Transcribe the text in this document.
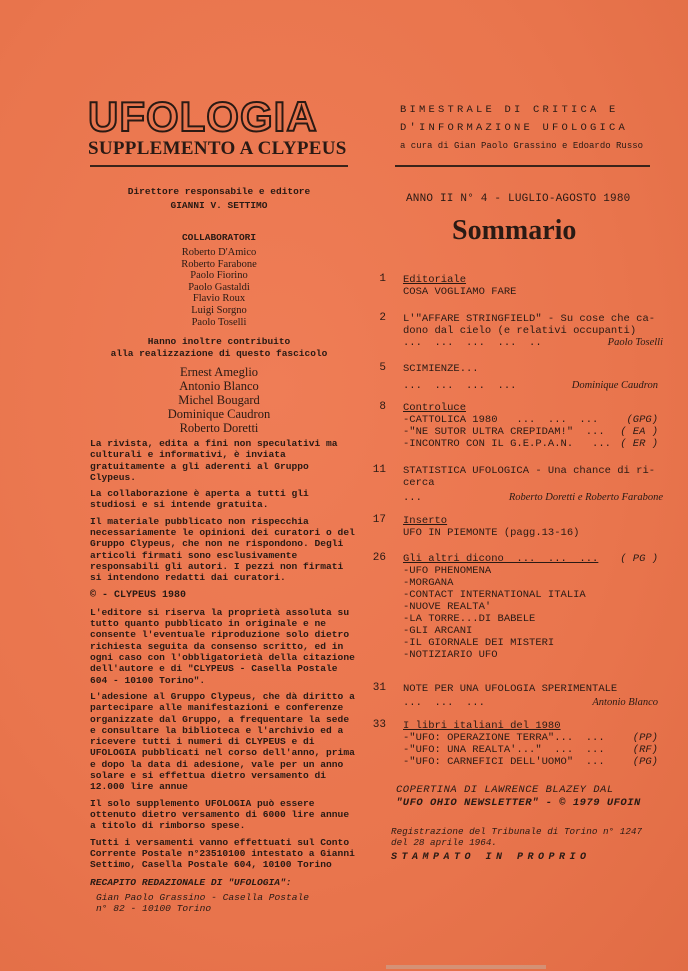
UFOLOGIA
SUPPLEMENTO A CLYPEUS
BIMESTRALE DI CRITICA E
D'INFORMAZIONE UFOLOGICA
a cura di Gian Paolo Grassino e Edoardo Russo
Direttore responsabile e editore
GIANNI V. SETTIMO
COLLABORATORI
Roberto D'Amico
Roberto Farabone
Paolo Fiorino
Paolo Gastaldi
Flavio Roux
Luigi Sorgno
Paolo Toselli
Hanno inoltre contribuito
alla realizzazione di questo fascicolo
Ernest Ameglio
Antonio Blanco
Michel Bougard
Dominique Caudron
Roberto Doretti

La rivista, edita a fini non speculativi ma culturali e informativi, è inviata gratuitamente a gli aderenti al Gruppo Clypeus.

La collaborazione è aperta a tutti gli studiosi e si intende gratuita.

Il materiale pubblicato non rispecchia necessariamente le opinioni dei curatori o del Gruppo Clypeus, che non ne rispondono. Degli articoli firmati sono esclusivamente responsabili gli autori. I pezzi non firmati si intendono redatti dai curatori.

© - CLYPEUS 1980

L'editore si riserva la proprietà assoluta su tutto quanto pubblicato in originale e ne consente l'eventuale riproduzione solo dietro richiesta seguita da consenso scritto, ed in ogni caso con l'obbligatorietà della citazione dell'autore e di "CLYPEUS - Casella Postale 604 - 10100 Torino".

L'adesione al Gruppo Clypeus, che dà diritto a partecipare alle manifestazioni e conferenze organizzate dal Gruppo, a frequentare la sede e consultare la biblioteca e l'archivio ed a ricevere tutti i numeri di CLYPEUS e di UFOLOGIA pubblicati nel corso dell'anno, prima e dopo la data di adesione, vale per un anno solare e si effettua dietro versamento di 12.000 lire annue

Il solo supplemento UFOLOGIA può essere ottenuto dietro versamento di 6000 lire annue a titolo di rimborso spese.

Tutti i versamenti vanno effettuati sul Conto Corrente Postale n°23510100 intestato a Gianni Settimo, Casella Postale 604, 10100 Torino

RECAPITO REDAZIONALE DI "UFOLOGIA":

Gian Paolo Grassino - Casella Postale

n° 82 - 10100 Torino

ANNO II N° 4 - LUGLIO-AGOSTO 1980
Sommario
1 Editoriale
COSA VOGLIAMO FARE
2 L'"AFFARE STRINGFIELD" - Su cose che ca-
dono dal cielo (e relativi occupanti)
...  ...  ...  ...  ..	Paolo Toselli
5 SCIMIENZE...
...  ...  ...  ...	Dominique Caudron
8 Controluce
-CATTOLICA 1980   ...  ...  ...	(GPG)
-"NE SUTOR ULTRA CREPIDAM!"  ... ( EA )
-INCONTRO CON IL G.E.P.A.N.   ... ( ER )
11 STATISTICA UFOLOGICA - Una chance di ri-
cerca
...	Roberto Doretti e Roberto Farabone
17 Inserto
UFO IN PIEMONTE (pagg.13-16)
26 Gli altri dicono  ...  ...  ... ( PG )
-UFO PHENOMENA
-MORGANA
-CONTACT INTERNATIONAL ITALIA
-NUOVE REALTA'
-LA TORRE...DI BABELE
-GLI ARCANI
-IL GIORNALE DEI MISTERI
-NOTIZIARIO UFO
31 NOTE PER UNA UFOLOGIA SPERIMENTALE
...  ...  ...	Antonio Blanco
33 I libri italiani del 1980
-"UFO: OPERAZIONE TERRA"...  ...	(PP)
-"UFO: UNA REALTA'..."  ...  ...	(RF)
-"UFO: CARNEFICI DELL'UOMO"  ...	(PG)
COPERTINA DI LAWRENCE BLAZEY DAL
"UFO OHIO NEWSLETTER" - © 1979 UFOIN
Registrazione del Tribunale di Torino n° 1247
del 28 aprile 1964.
STAMPATO IN PROPRIO
